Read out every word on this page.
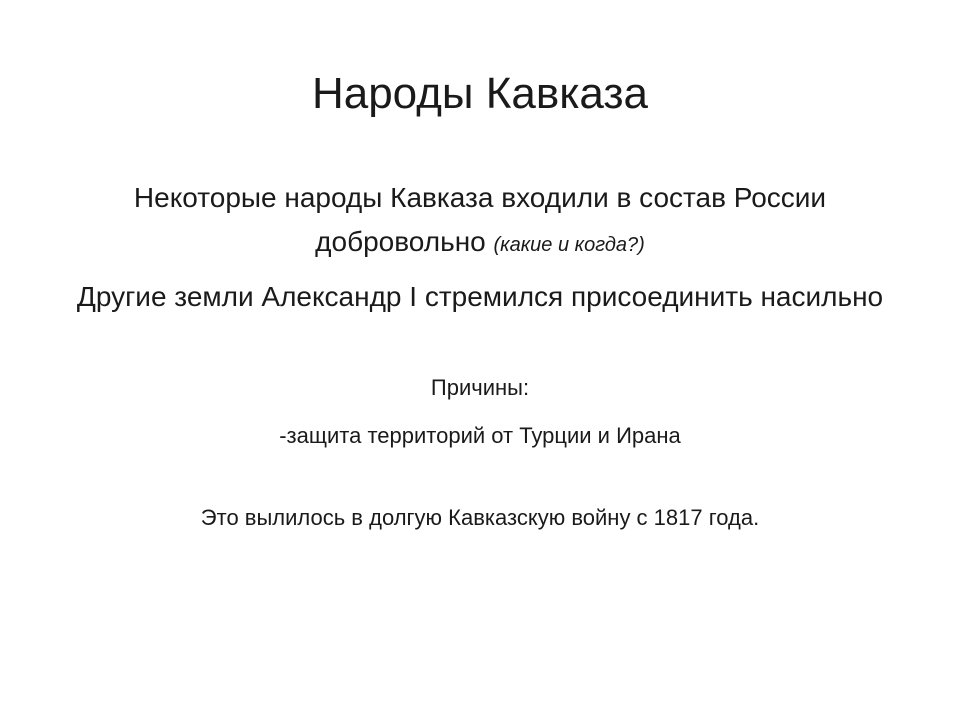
Народы Кавказа

Некоторые народы Кавказа входили в состав России добровольно (какие и когда?)

Другие земли Александр I стремился присоединить насильно

Причины:

-защита территорий от Турции и Ирана

Это вылилось в долгую Кавказскую войну с 1817 года.
